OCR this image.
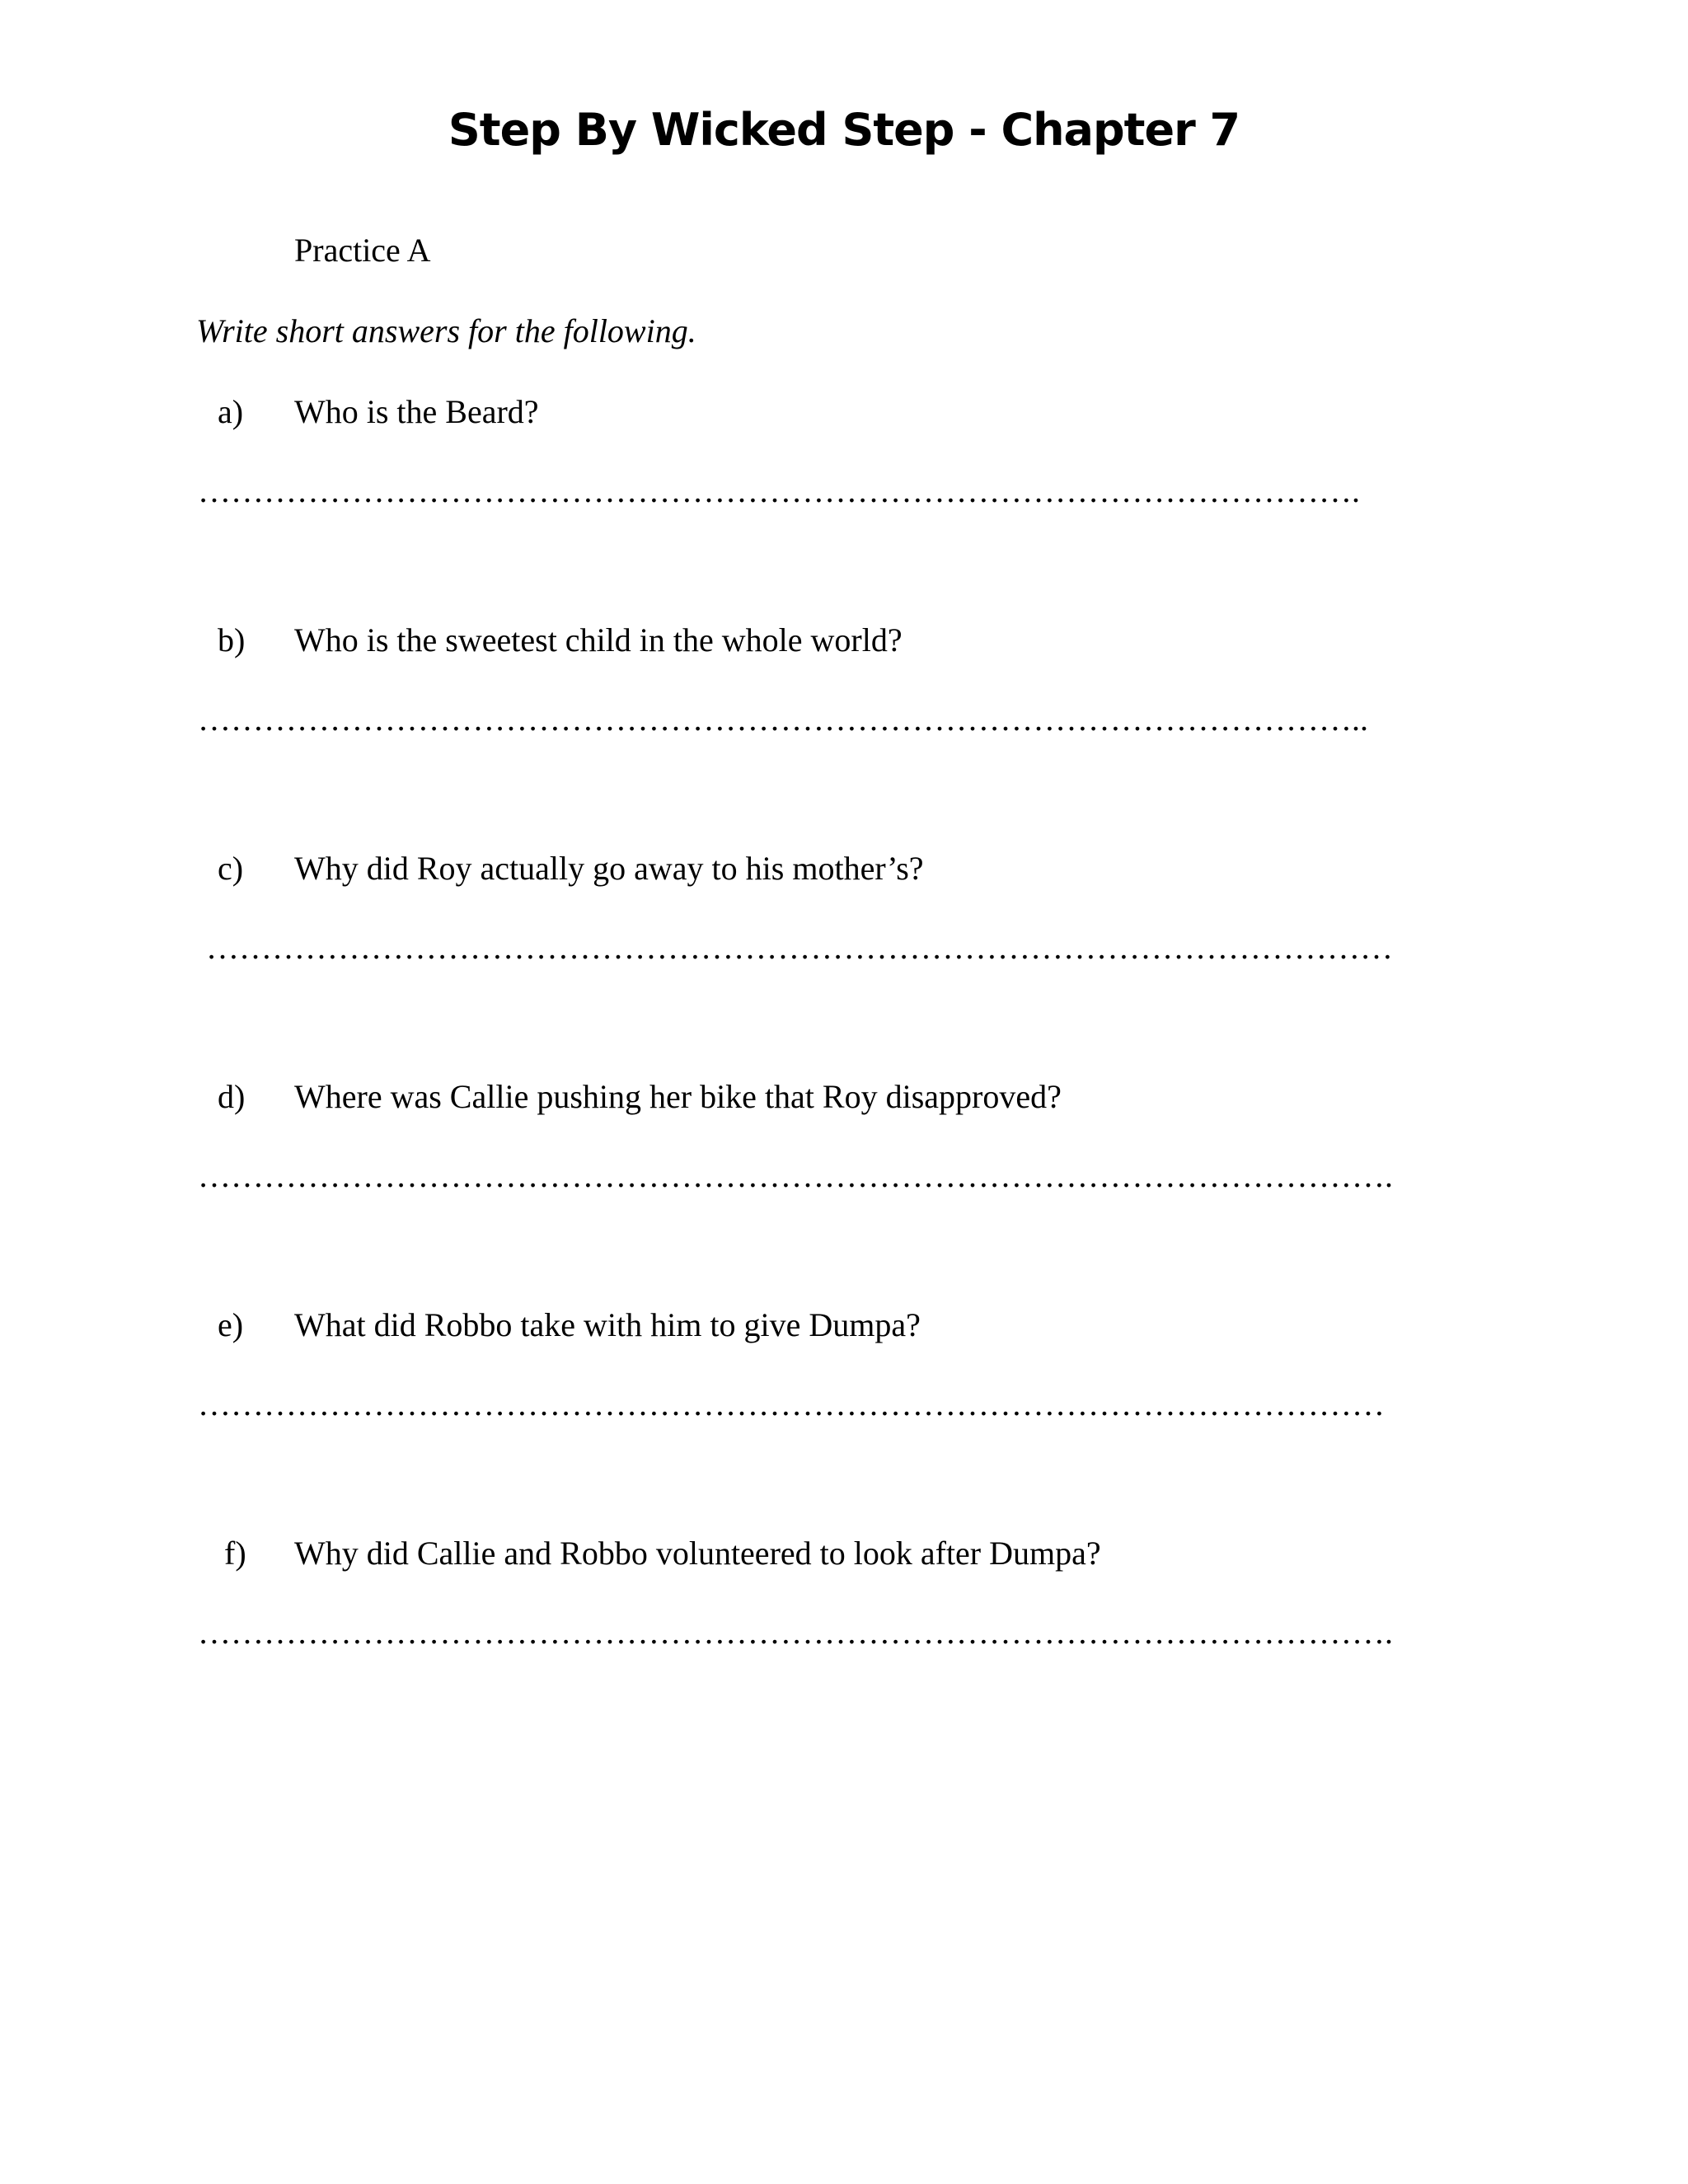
Step By Wicked Step - Chapter 7
Practice A
Write short answers for the following.
a)	Who is the Beard?
…………………………………………………………………………………………….
b)	Who is the sweetest child in the whole world?
……………………………………………………………………………………………..
c)	Why did Roy actually go away to his mother’s?
………………………………………………………………………………………………
d)	Where was Callie pushing her bike that Roy disapproved?
……………………………………………………………………………………………….
e)	What did Robbo take with him to give Dumpa?
………………………………………………………………………………………………
f)	Why did Callie and Robbo volunteered to look after Dumpa?
……………………………………………………………………………………………….
